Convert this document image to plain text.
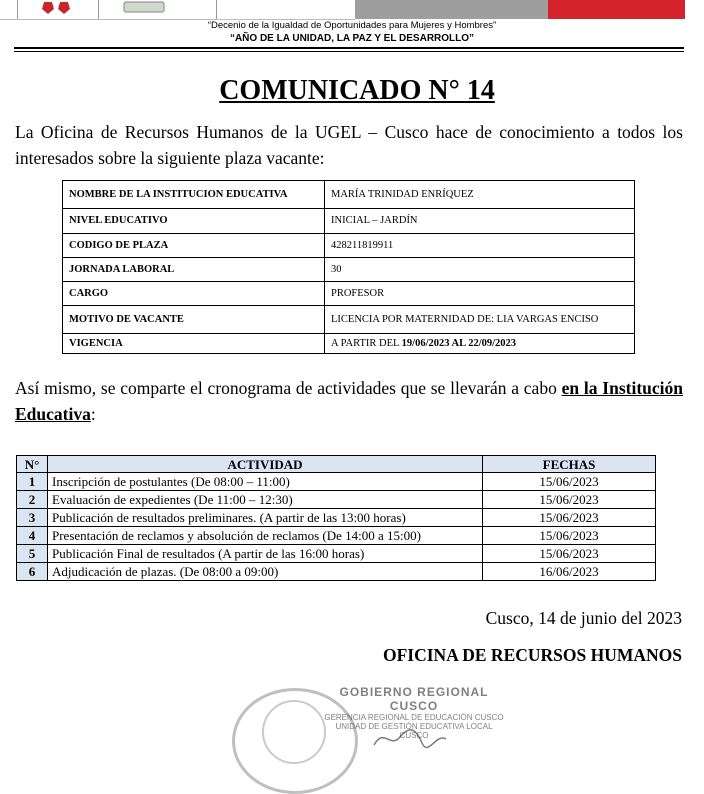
“Decenio de la Igualdad de Oportunidades para Mujeres y Hombres”
“AÑO DE LA UNIDAD, LA PAZ Y EL DESARROLLO”
COMUNICADO N° 14
La Oficina de Recursos Humanos de la UGEL – Cusco hace de conocimiento a todos los interesados sobre la siguiente plaza vacante:
NOMBRE DE LA INSTITUCION EDUCATIVA	MARÍA TRINIDAD ENRÍQUEZ
NIVEL EDUCATIVO	INICIAL – JARDÍN
CODIGO DE PLAZA	428211819911
JORNADA LABORAL	30
CARGO	PROFESOR
MOTIVO DE VACANTE	LICENCIA POR MATERNIDAD DE: LIA VARGAS ENCISO
VIGENCIA	A PARTIR DEL 19/06/2023 AL 22/09/2023
Así mismo, se comparte el cronograma de actividades que se llevarán a cabo en la Institución Educativa:
N°	ACTIVIDAD	FECHAS
1	Inscripción de postulantes (De 08:00 – 11:00)	15/06/2023
2	Evaluación de expedientes (De 11:00 – 12:30)	15/06/2023
3	Publicación de resultados preliminares. (A partir de las 13:00 horas)	15/06/2023
4	Presentación de reclamos y absolución de reclamos (De 14:00 a 15:00)	15/06/2023
5	Publicación Final de resultados (A partir de las 16:00 horas)	15/06/2023
6	Adjudicación de plazas. (De 08:00 a 09:00)	16/06/2023
Cusco, 14 de junio del 2023
OFICINA DE RECURSOS HUMANOS
GOBIERNO REGIONAL CUSCO
GERENCIA REGIONAL DE EDUCACIÓN CUSCO
UNIDAD DE GESTIÓN EDUCATIVA LOCAL CUSCO
